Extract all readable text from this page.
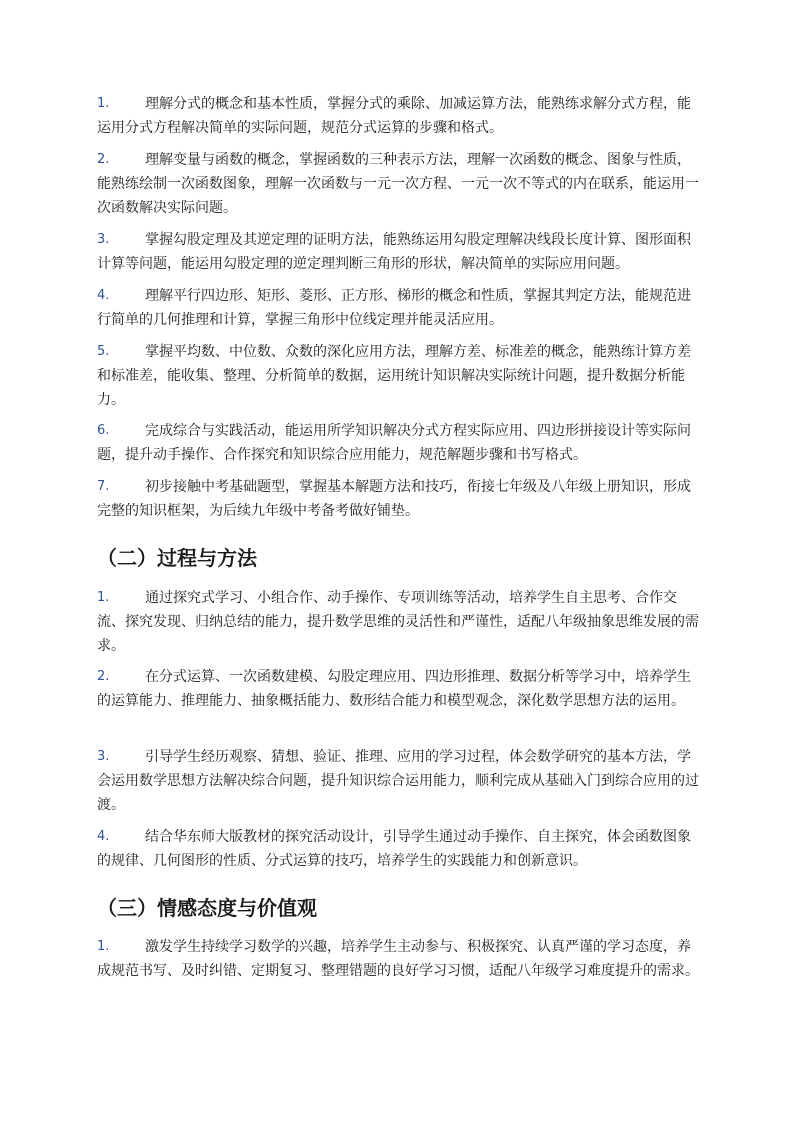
1.	理解分式的概念和基本性质，掌握分式的乘除、加减运算方法，能熟练求解分式方程，能运用分式方程解决简单的实际问题，规范分式运算的步骤和格式。

2.	理解变量与函数的概念，掌握函数的三种表示方法，理解一次函数的概念、图象与性质，能熟练绘制一次函数图象，理解一次函数与一元一次方程、一元一次不等式的内在联系，能运用一次函数解决实际问题。

3.	掌握勾股定理及其逆定理的证明方法，能熟练运用勾股定理解决线段长度计算、图形面积计算等问题，能运用勾股定理的逆定理判断三角形的形状，解决简单的实际应用问题。

4.	理解平行四边形、矩形、菱形、正方形、梯形的概念和性质，掌握其判定方法，能规范进行简单的几何推理和计算，掌握三角形中位线定理并能灵活应用。

5.	掌握平均数、中位数、众数的深化应用方法，理解方差、标准差的概念，能熟练计算方差和标准差，能收集、整理、分析简单的数据，运用统计知识解决实际统计问题，提升数据分析能力。

6.	完成综合与实践活动，能运用所学知识解决分式方程实际应用、四边形拼接设计等实际问题，提升动手操作、合作探究和知识综合应用能力，规范解题步骤和书写格式。

7.	初步接触中考基础题型，掌握基本解题方法和技巧，衔接七年级及八年级上册知识，形成完整的知识框架，为后续九年级中考备考做好铺垫。

（二）过程与方法
1.	通过探究式学习、小组合作、动手操作、专项训练等活动，培养学生自主思考、合作交流、探究发现、归纳总结的能力，提升数学思维的灵活性和严谨性，适配八年级抽象思维发展的需求。

2.	在分式运算、一次函数建模、勾股定理应用、四边形推理、数据分析等学习中，培养学生的运算能力、推理能力、抽象概括能力、数形结合能力和模型观念，深化数学思想方法的运用。

3.	引导学生经历观察、猜想、验证、推理、应用的学习过程，体会数学研究的基本方法，学会运用数学思想方法解决综合问题，提升知识综合运用能力，顺利完成从基础入门到综合应用的过渡。

4.	结合华东师大版教材的探究活动设计，引导学生通过动手操作、自主探究，体会函数图象的规律、几何图形的性质、分式运算的技巧，培养学生的实践能力和创新意识。

（三）情感态度与价值观
1.	激发学生持续学习数学的兴趣，培养学生主动参与、积极探究、认真严谨的学习态度，养成规范书写、及时纠错、定期复习、整理错题的良好学习习惯，适配八年级学习难度提升的需求。
